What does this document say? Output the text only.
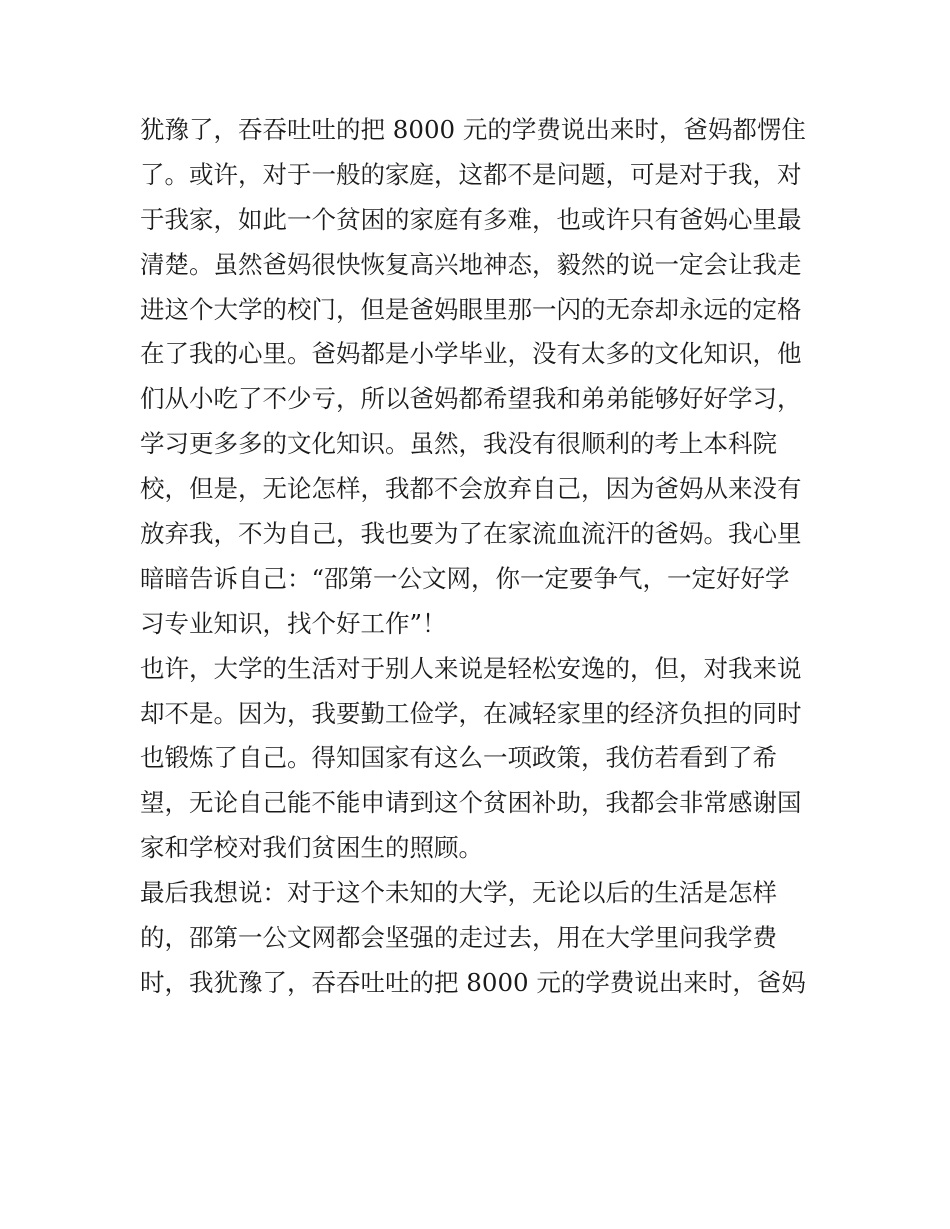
犹豫了，吞吞吐吐的把 8000 元的学费说出来时，爸妈都愣住
了。或许，对于一般的家庭，这都不是问题，可是对于我，对
于我家，如此一个贫困的家庭有多难，也或许只有爸妈心里最
清楚。虽然爸妈很快恢复高兴地神态，毅然的说一定会让我走
进这个大学的校门，但是爸妈眼里那一闪的无奈却永远的定格
在了我的心里。爸妈都是小学毕业，没有太多的文化知识，他
们从小吃了不少亏，所以爸妈都希望我和弟弟能够好好学习，
学习更多多的文化知识。虽然，我没有很顺利的考上本科院
校，但是，无论怎样，我都不会放弃自己，因为爸妈从来没有
放弃我，不为自己，我也要为了在家流血流汗的爸妈。我心里
暗暗告诉自己：“邵第一公文网，你一定要争气，一定好好学
习专业知识，找个好工作”！
也许，大学的生活对于别人来说是轻松安逸的，但，对我来说
却不是。因为，我要勤工俭学，在减轻家里的经济负担的同时
也锻炼了自己。得知国家有这么一项政策，我仿若看到了希
望，无论自己能不能申请到这个贫困补助，我都会非常感谢国
家和学校对我们贫困生的照顾。
最后我想说：对于这个未知的大学，无论以后的生活是怎样
的，邵第一公文网都会坚强的走过去，用在大学里问我学费
时，我犹豫了，吞吞吐吐的把 8000 元的学费说出来时，爸妈
